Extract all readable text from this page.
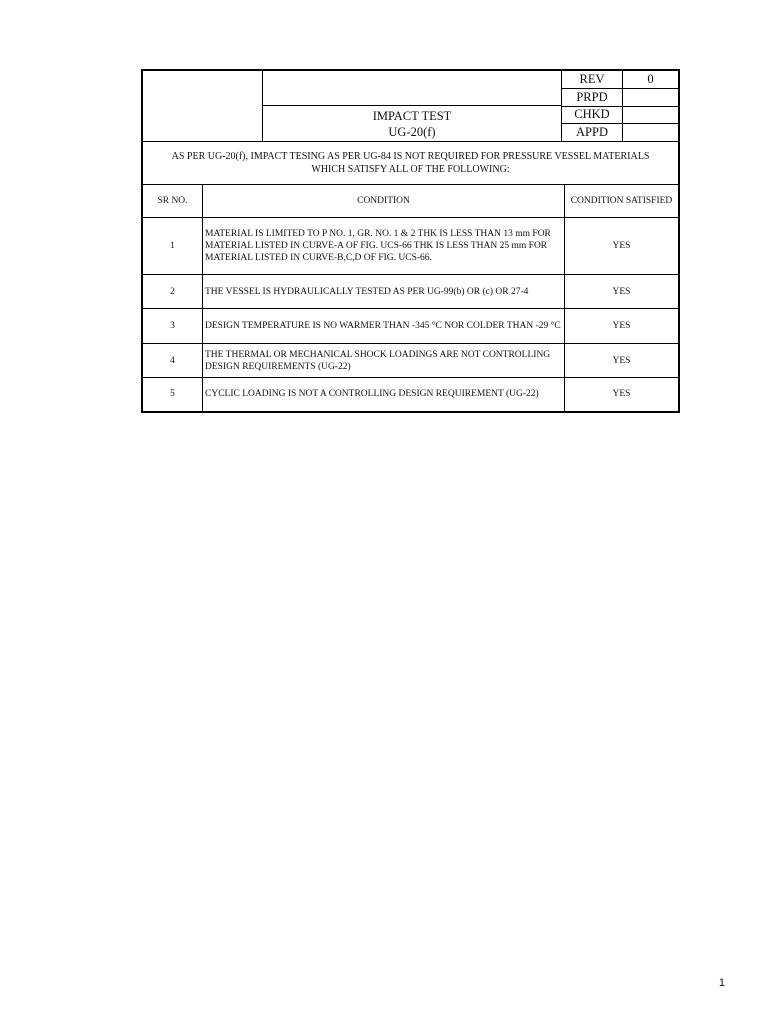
IMPACT TEST
UG-20(f)
REV	0
PRPD
CHKD
APPD
AS PER UG-20(f), IMPACT TESING AS PER UG-84 IS NOT REQUIRED FOR PRESSURE VESSEL MATERIALS
WHICH SATISFY ALL OF THE FOLLOWING:
SR NO.	CONDITION	CONDITION SATISFIED
1	MATERIAL IS LIMITED TO P NO. 1, GR. NO. 1 & 2 THK IS LESS THAN 13 mm FOR MATERIAL LISTED IN CURVE-A OF FIG. UCS-66 THK IS LESS THAN 25 mm FOR MATERIAL LISTED IN CURVE-B,C,D OF FIG. UCS-66.	YES
2	THE VESSEL IS HYDRAULICALLY TESTED AS PER UG-99(b) OR (c) OR 27-4	YES
3	DESIGN TEMPERATURE IS NO WARMER THAN -345 °C NOR COLDER THAN -29 °C	YES
4	THE THERMAL OR MECHANICAL SHOCK LOADINGS ARE NOT CONTROLLING DESIGN REQUIREMENTS (UG-22)	YES
5	CYCLIC LOADING IS NOT A CONTROLLING DESIGN REQUIREMENT (UG-22)	YES
1
